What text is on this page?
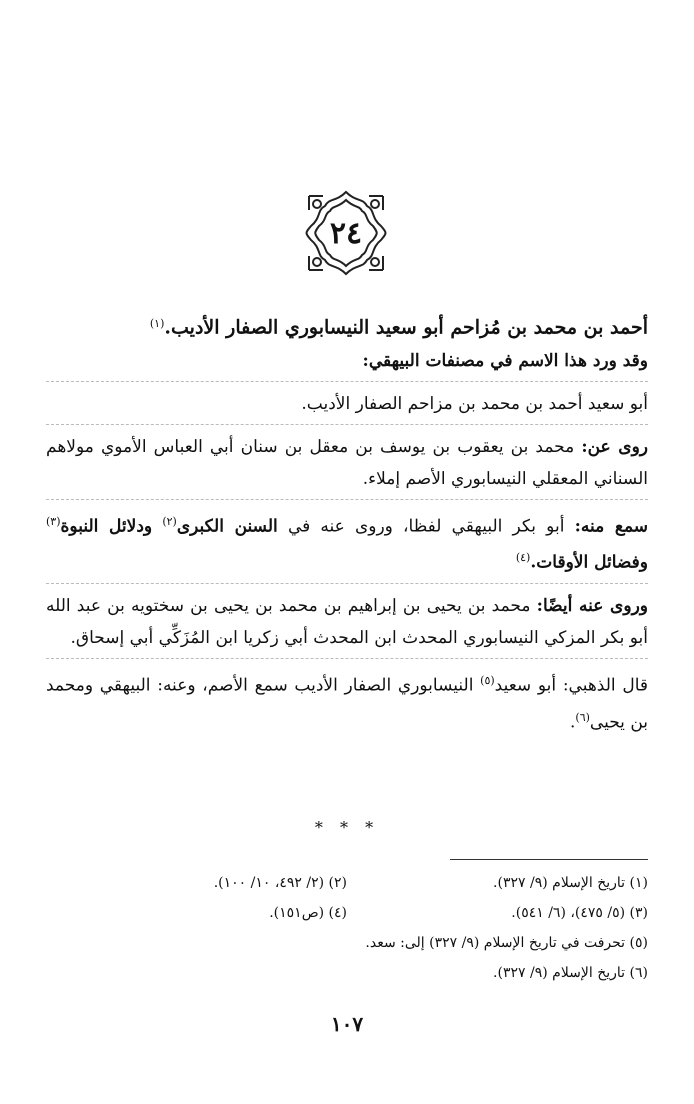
٢٤

أحمد بن محمد بن مُزاحم أبو سعيد النيسابوري الصفار الأديب.$^{(١)}$

وقد ورد هذا الاسم في مصنفات البيهقي:

أبو سعيد أحمد بن محمد بن مزاحم الصفار الأديب.

روى عن: محمد بن يعقوب بن يوسف بن معقل بن سنان أبي العباس الأموي مولاهم السناني المعقلي النيسابوري الأصم إملاء.

سمع منه: أبو بكر البيهقي لفظا، وروى عنه في السنن الكبرى$^{(٢)}$ ودلائل النبوة$^{(٣)}$ وفضائل الأوقات.$^{(٤)}$

وروى عنه أيضًا: محمد بن يحيى بن إبراهيم بن محمد بن يحيى بن سختويه بن عبد الله أبو بكر المزكي النيسابوري المحدث ابن المحدث أبي زكريا ابن المُزَكِّي أبي إسحاق.

قال الذهبي: أبو سعيد$^{(٥)}$ النيسابوري الصفار الأديب سمع الأصم، وعنه: البيهقي ومحمد بن يحيى$^{(٦)}$.

* * *
(١) تاريخ الإسلام (٩/ ٣٢٧).
(٢) (٢/ ٤٩٢، ١٠/ ١٠٠).
(٣) (٥/ ٤٧٥)، (٦/ ٥٤١).
(٤) (ص١٥١).
(٥) تحرفت في تاريخ الإسلام (٩/ ٣٢٧) إلى: سعد.
(٦) تاريخ الإسلام (٩/ ٣٢٧).
١٠٧
